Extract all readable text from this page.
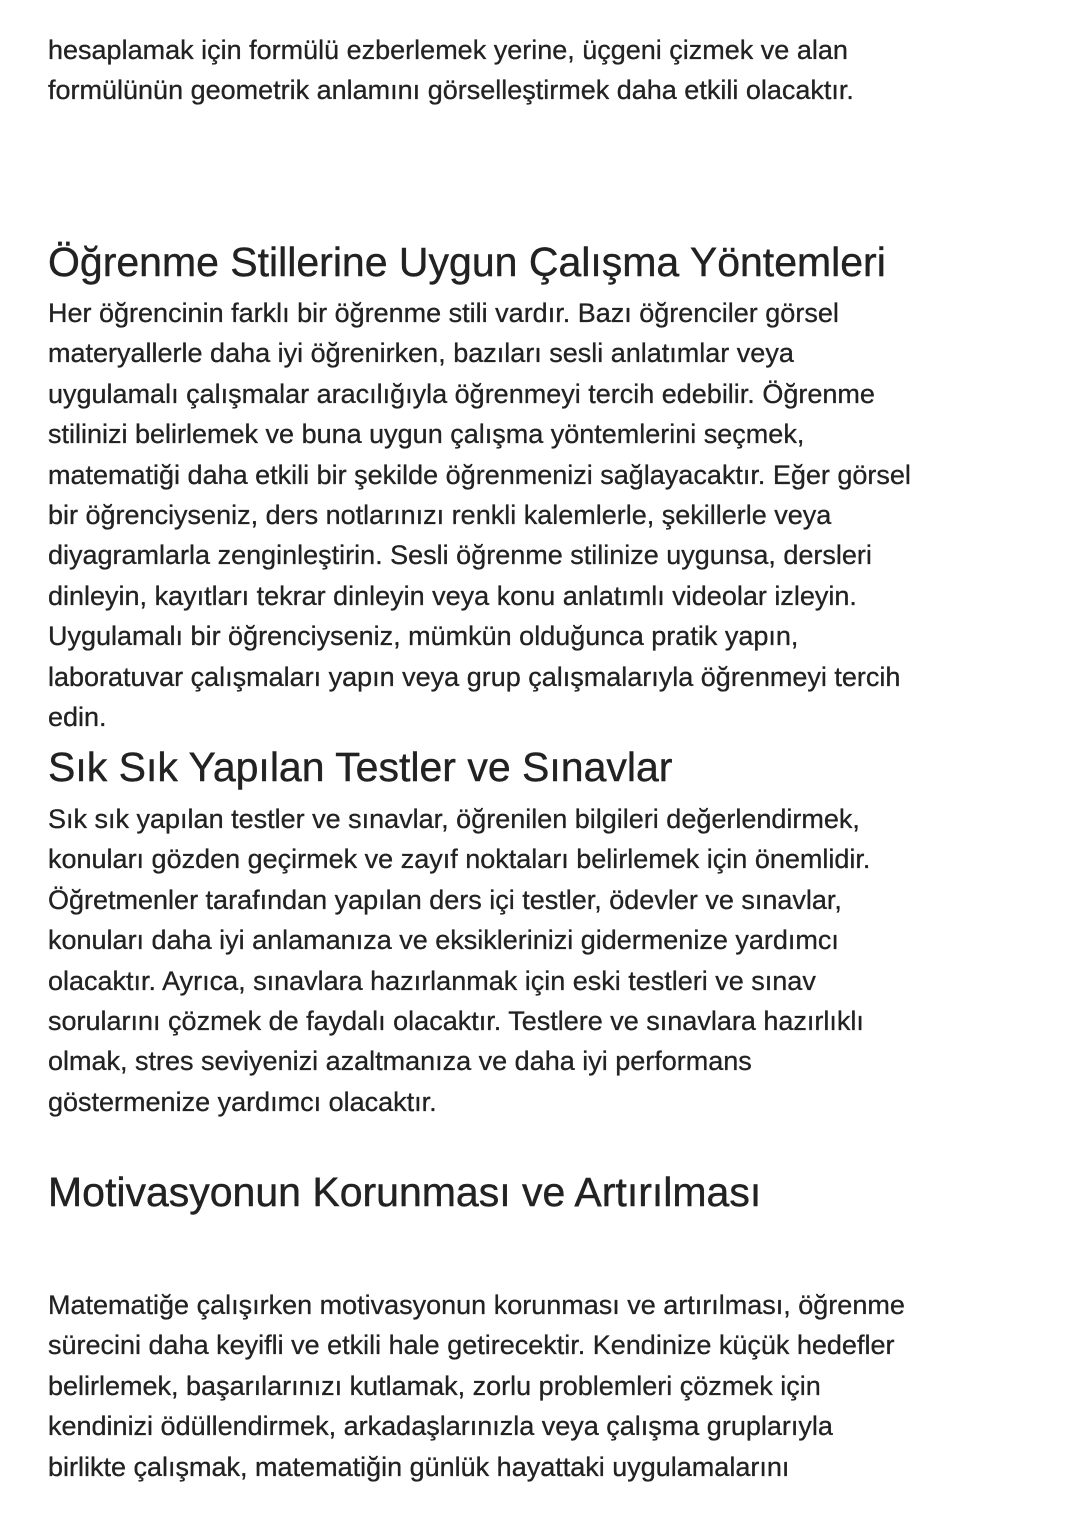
hesaplamak için formülü ezberlemek yerine, üçgeni çizmek ve alan
formülünün geometrik anlamını görselleştirmek daha etkili olacaktır.
Öğrenme Stillerine Uygun Çalışma Yöntemleri
Her öğrencinin farklı bir öğrenme stili vardır. Bazı öğrenciler görsel
materyallerle daha iyi öğrenirken, bazıları sesli anlatımlar veya
uygulamalı çalışmalar aracılığıyla öğrenmeyi tercih edebilir. Öğrenme
stilinizi belirlemek ve buna uygun çalışma yöntemlerini seçmek,
matematiği daha etkili bir şekilde öğrenmenizi sağlayacaktır. Eğer görsel
bir öğrenciyseniz, ders notlarınızı renkli kalemlerle, şekillerle veya
diyagramlarla zenginleştirin. Sesli öğrenme stilinize uygunsa, dersleri
dinleyin, kayıtları tekrar dinleyin veya konu anlatımlı videolar izleyin.
Uygulamalı bir öğrenciyseniz, mümkün olduğunca pratik yapın,
laboratuvar çalışmaları yapın veya grup çalışmalarıyla öğrenmeyi tercih
edin.
Sık Sık Yapılan Testler ve Sınavlar
Sık sık yapılan testler ve sınavlar, öğrenilen bilgileri değerlendirmek,
konuları gözden geçirmek ve zayıf noktaları belirlemek için önemlidir.
Öğretmenler tarafından yapılan ders içi testler, ödevler ve sınavlar,
konuları daha iyi anlamanıza ve eksiklerinizi gidermenize yardımcı
olacaktır. Ayrıca, sınavlara hazırlanmak için eski testleri ve sınav
sorularını çözmek de faydalı olacaktır. Testlere ve sınavlara hazırlıklı
olmak, stres seviyenizi azaltmanıza ve daha iyi performans
göstermenize yardımcı olacaktır.
Motivasyonun Korunması ve Artırılması
Matematiğe çalışırken motivasyonun korunması ve artırılması, öğrenme
sürecini daha keyifli ve etkili hale getirecektir. Kendinize küçük hedefler
belirlemek, başarılarınızı kutlamak, zorlu problemleri çözmek için
kendinizi ödüllendirmek, arkadaşlarınızla veya çalışma gruplarıyla
birlikte çalışmak, matematiğin günlük hayattaki uygulamalarını
